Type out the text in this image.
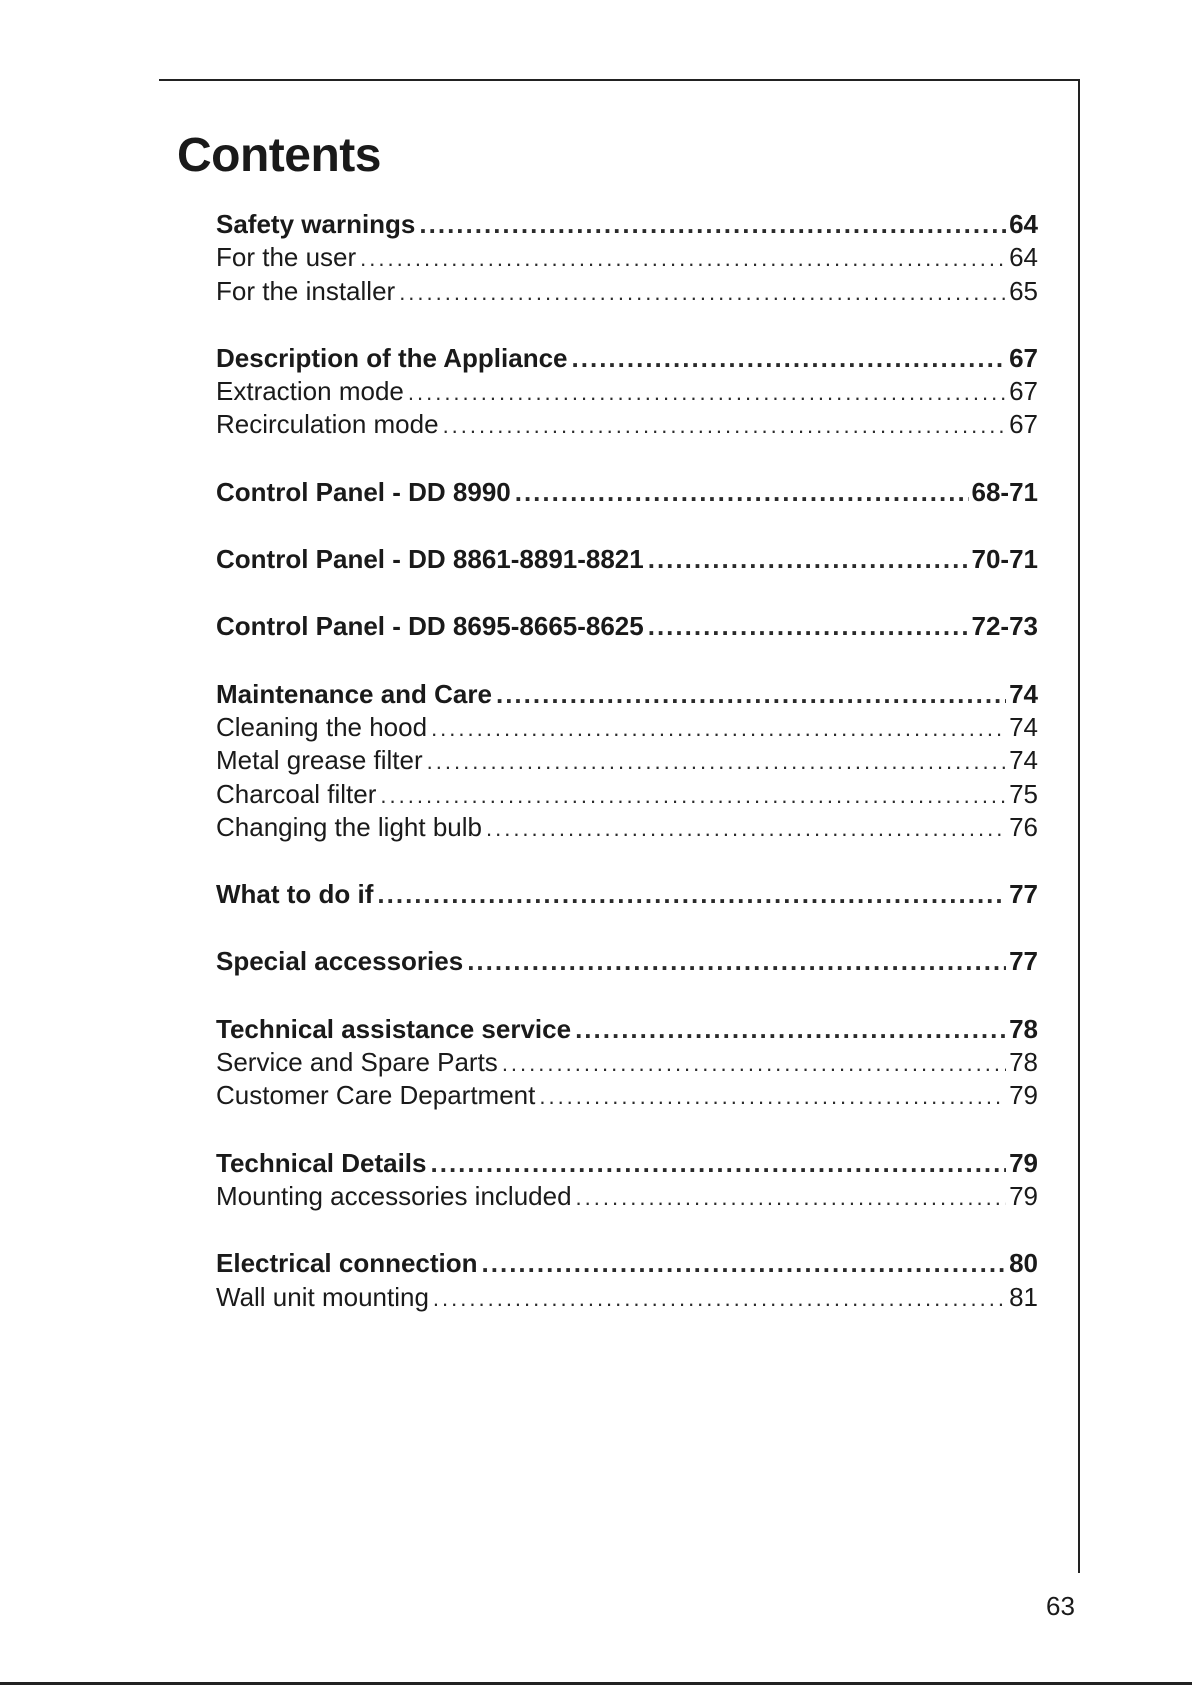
Contents
Safety warnings .....	64
For the user .....	64
For the installer .....	65
Description of the Appliance .....	67
Extraction mode .....	67
Recirculation mode .....	67
Control Panel - DD 8990 .....	68-71
Control Panel - DD 8861-8891-8821 .....	70-71
Control Panel - DD 8695-8665-8625 .....	72-73
Maintenance and Care .....	74
Cleaning the hood .....	74
Metal grease filter .....	74
Charcoal filter .....	75
Changing the light bulb .....	76
What to do if .....	77
Special accessories .....	77
Technical assistance service .....	78
Service and Spare Parts .....	78
Customer Care Department .....	79
Technical Details .....	79
Mounting accessories included .....	79
Electrical connection .....	80
Wall unit mounting .....	81
63
